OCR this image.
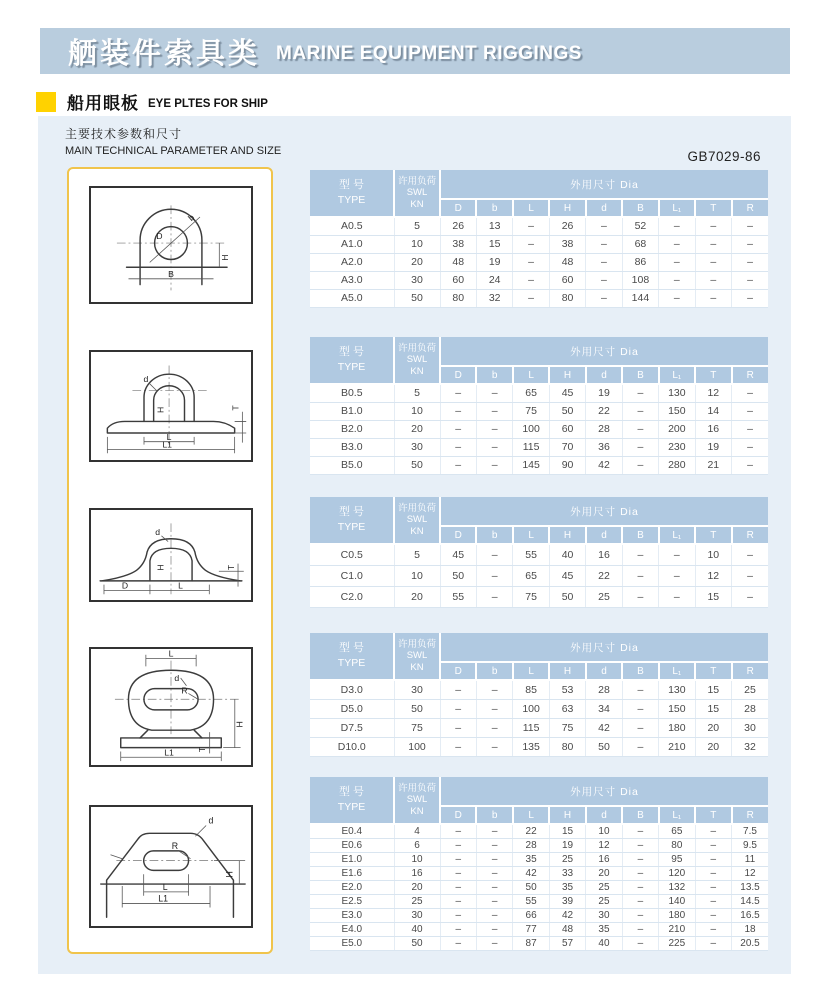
舾装件索具类 MARINE EQUIPMENT RIGGINGS
船用眼板 EYE PLTES FOR SHIP
主要技术参数和尺寸
MAIN TECHNICAL PARAMETER AND SIZE	GB7029-86
D
b
H
B
d
H	T
L
L1
d
H
D	L
T
L
d
R
H
T
L1
d
R
H
L
L1
型 号
TYPE

许用负荷
SWL
KN
	外用尺寸 Dia
		D	b	L	H	d	B	L₁	T	R
A0.5	5	26	13	–	26	–	52	–	–	–
A1.0	10	38	15	–	38	–	68	–	–	–
A2.0	20	48	19	–	48	–	86	–	–	–
A3.0	30	60	24	–	60	–	108	–	–	–
A5.0	50	80	32	–	80	–	144	–	–	–
型 号
TYPE

许用负荷
SWL
KN
	外用尺寸 Dia
		D	b	L	H	d	B	L₁	T	R
B0.5	5	–	–	65	45	19	–	130	12	–
B1.0	10	–	–	75	50	22	–	150	14	–
B2.0	20	–	–	100	60	28	–	200	16	–
B3.0	30	–	–	115	70	36	–	230	19	–
B5.0	50	–	–	145	90	42	–	280	21	–
型 号
TYPE

许用负荷
SWL
KN
	外用尺寸 Dia
		D	b	L	H	d	B	L₁	T	R
C0.5	5	45	–	55	40	16	–	–	10	–
C1.0	10	50	–	65	45	22	–	–	12	–
C2.0	20	55	–	75	50	25	–	–	15	–
型 号
TYPE

许用负荷
SWL
KN
	外用尺寸 Dia
		D	b	L	H	d	B	L₁	T	R
D3.0	30	–	–	85	53	28	–	130	15	25
D5.0	50	–	–	100	63	34	–	150	15	28
D7.5	75	–	–	115	75	42	–	180	20	30
D10.0	100	–	–	135	80	50	–	210	20	32
型 号
TYPE

许用负荷
SWL
KN
	外用尺寸 Dia
		D	b	L	H	d	B	L₁	T	R
E0.4	4	–	–	22	15	10	–	65	–	7.5
E0.6	6	–	–	28	19	12	–	80	–	9.5
E1.0	10	–	–	35	25	16	–	95	–	11
E1.6	16	–	–	42	33	20	–	120	–	12
E2.0	20	–	–	50	35	25	–	132	–	13.5
E2.5	25	–	–	55	39	25	–	140	–	14.5
E3.0	30	–	–	66	42	30	–	180	–	16.5
E4.0	40	–	–	77	48	35	–	210	–	18
E5.0	50	–	–	87	57	40	–	225	–	20.5
